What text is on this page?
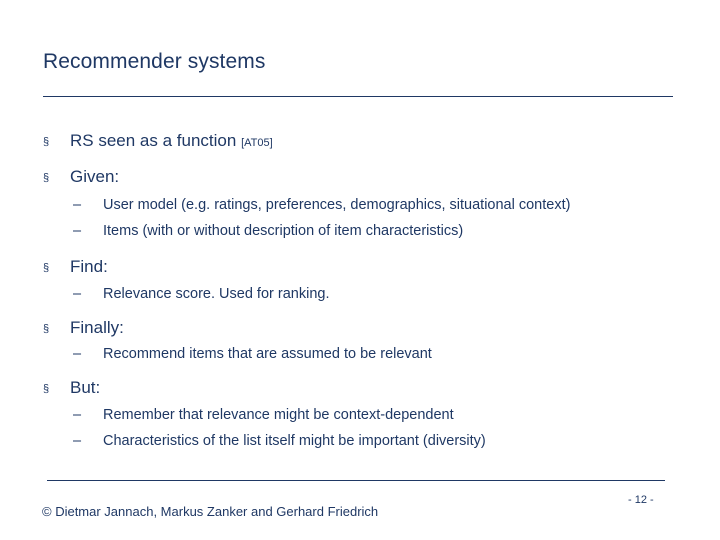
Recommender systems
§ RS seen as a function [AT05]
§ Given:
– User model (e.g. ratings, preferences, demographics, situational context)
– Items (with or without description of item characteristics)
§ Find:
– Relevance score. Used for ranking.
§ Finally:
– Recommend items that are assumed to be relevant
§ But:
– Remember that relevance might be context-dependent
– Characteristics of the list itself might be important (diversity)
© Dietmar Jannach, Markus Zanker and Gerhard Friedrich
- 12 -
